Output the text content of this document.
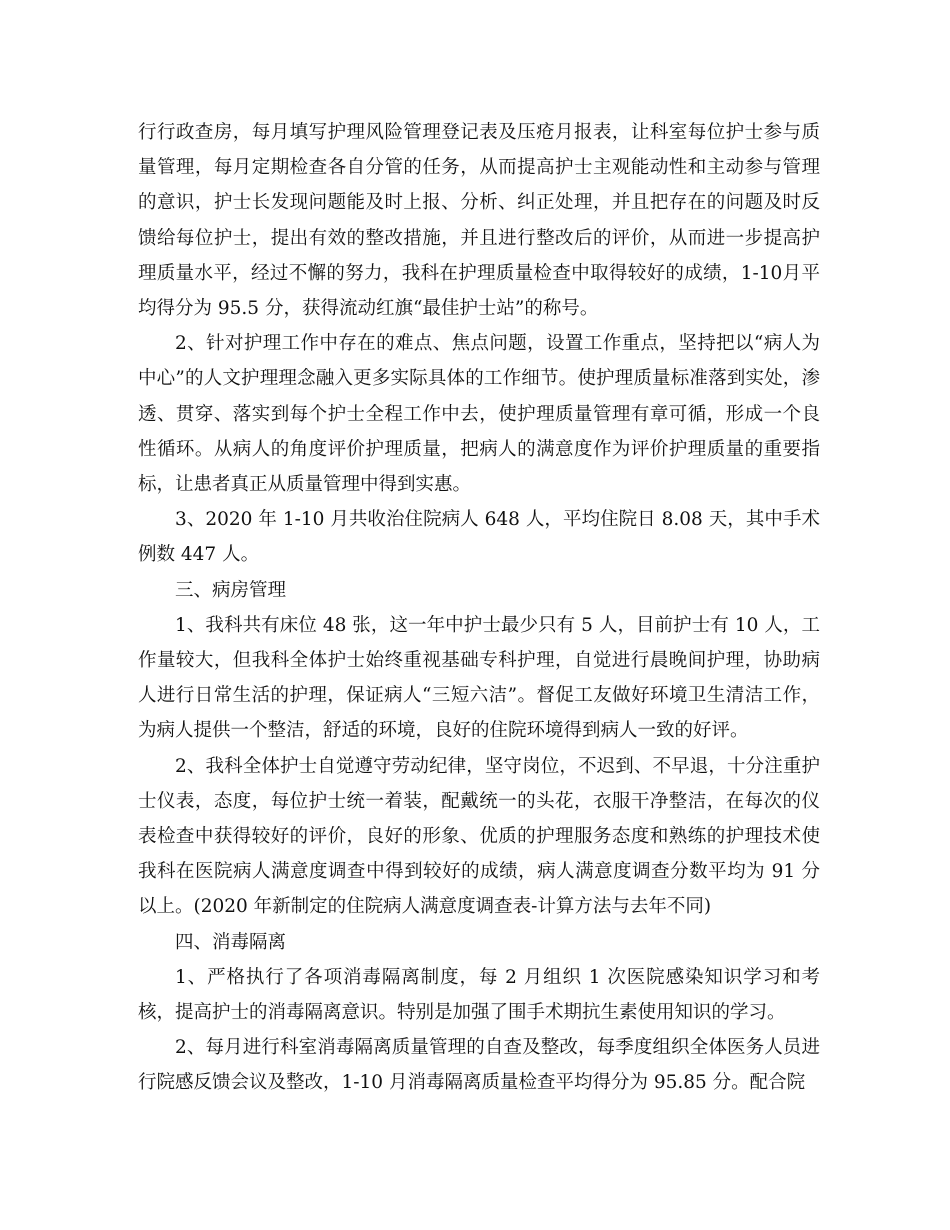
行行政查房，每月填写护理风险管理登记表及压疮月报表，让科室每位护士参与质量管理，每月定期检查各自分管的任务，从而提高护士主观能动性和主动参与管理的意识，护士长发现问题能及时上报、分析、纠正处理，并且把存在的问题及时反馈给每位护士，提出有效的整改措施，并且进行整改后的评价，从而进一步提高护理质量水平，经过不懈的努力，我科在护理质量检查中取得较好的成绩，1-10月平均得分为 95.5 分，获得流动红旗“最佳护士站”的称号。

2、针对护理工作中存在的难点、焦点问题，设置工作重点，坚持把以“病人为中心”的人文护理理念融入更多实际具体的工作细节。使护理质量标准落到实处，渗透、贯穿、落实到每个护士全程工作中去，使护理质量管理有章可循，形成一个良性循环。从病人的角度评价护理质量，把病人的满意度作为评价护理质量的重要指标，让患者真正从质量管理中得到实惠。

3、2020 年 1-10 月共收治住院病人 648 人，平均住院日 8.08 天，其中手术例数 447 人。

三、病房管理

1、我科共有床位 48 张，这一年中护士最少只有 5 人，目前护士有 10 人，工作量较大，但我科全体护士始终重视基础专科护理，自觉进行晨晚间护理，协助病人进行日常生活的护理，保证病人“三短六洁”。督促工友做好环境卫生清洁工作，为病人提供一个整洁，舒适的环境，良好的住院环境得到病人一致的好评。

2、我科全体护士自觉遵守劳动纪律，坚守岗位，不迟到、不早退，十分注重护士仪表，态度，每位护士统一着装，配戴统一的头花，衣服干净整洁，在每次的仪表检查中获得较好的评价，良好的形象、优质的护理服务态度和熟练的护理技术使我科在医院病人满意度调查中得到较好的成绩，病人满意度调查分数平均为 91 分以上。(2020 年新制定的住院病人满意度调查表-计算方法与去年不同)

四、消毒隔离

1、严格执行了各项消毒隔离制度，每 2 月组织 1 次医院感染知识学习和考核，提高护士的消毒隔离意识。特别是加强了围手术期抗生素使用知识的学习。

2、每月进行科室消毒隔离质量管理的自查及整改，每季度组织全体医务人员进行院感反馈会议及整改，1-10 月消毒隔离质量检查平均得分为 95.85 分。配合院
